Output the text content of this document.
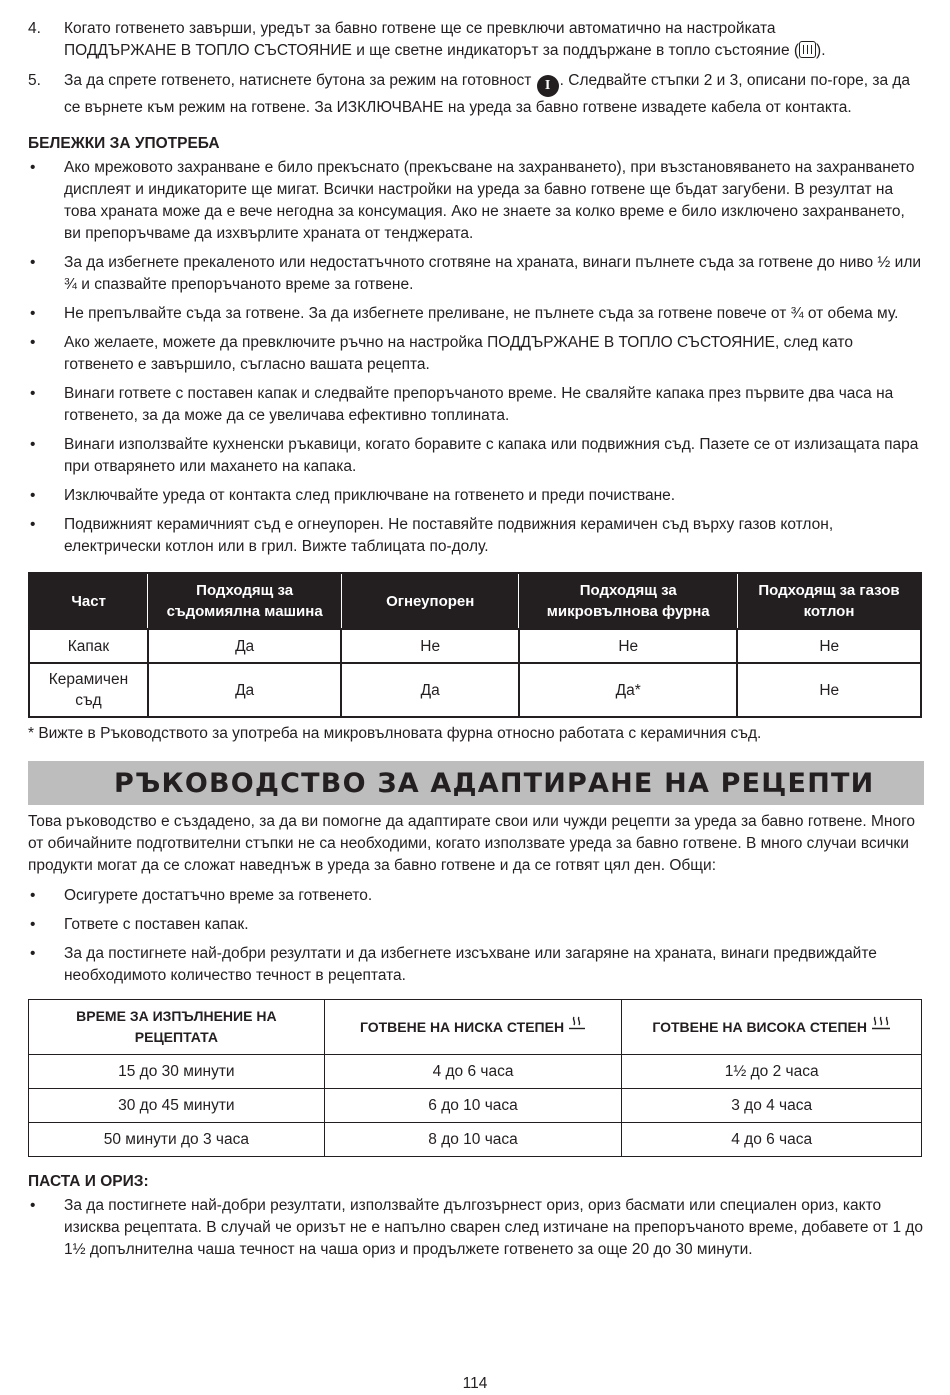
4. Когато готвенето завърши, уредът за бавно готвене ще се превключи автоматично на настройката
ПОДДЪРЖАНЕ В ТОПЛО СЪСТОЯНИЕ и ще светне индикаторът за поддържане в топло състояние ( ).
5. За да спрете готвенето, натиснете бутона за режим на готовност I . Следвайте стъпки 2 и 3, описани по-горе, за да се върнете към режим на готвене. За ИЗКЛЮЧВАНЕ на уреда за бавно готвене извадете кабела от контакта.
БЕЛЕЖКИ ЗА УПОТРЕБА
• Ако мрежовото захранване е било прекъснато (прекъсване на захранването), при възстановяването на захранването дисплеят и индикаторите ще мигат. Всички настройки на уреда за бавно готвене ще бъдат загубени. В резултат на това храната може да е вече негодна за консумация. Ако не знаете за колко време е било изключено захранването, ви препоръчваме да изхвърлите храната от тенджерата.
• За да избегнете прекаленото или недостатъчното сготвяне на храната, винаги пълнете съда за готвене до ниво ½ или ¾ и спазвайте препоръчаното време за готвене.
• Не препълвайте съда за готвене. За да избегнете преливане, не пълнете съда за готвене повече от ¾ от обема му.
• Ако желаете, можете да превключите ръчно на настройка ПОДДЪРЖАНЕ В ТОПЛО СЪСТОЯНИЕ, след като готвенето е завършило, съгласно вашата рецепта.
• Винаги гответе с поставен капак и следвайте препоръчаното време. Не сваляйте капака през първите два часа на готвенето, за да може да се увеличава ефективно топлината.
• Винаги използвайте кухненски ръкавици, когато боравите с капака или подвижния съд. Пазете се от излизащата пара при отварянето или махането на капака.
• Изключвайте уреда от контакта след приключване на готвенето и преди почистване.
• Подвижният керамичният съд е огнеупорен. Не поставяйте подвижния керамичен съд върху газов котлон, електрически котлон или в грил. Вижте таблицата по-долу.
Част	Подходящ за съдомиялна машина	Огнеупорен	Подходящ за микровълнова фурна	Подходящ за газов котлон
Капак	Да	Не	Не	Не
Керамичен съд	Да	Да	Да*	Не
* Вижте в Ръководството за употреба на микровълновата фурна относно работата с керамичния съд.
РЪКОВОДСТВО ЗА АДАПТИРАНЕ НА РЕЦЕПТИ
Това ръководство е създадено, за да ви помогне да адаптирате свои или чужди рецепти за уреда за бавно готвене. Много от обичайните подготвителни стъпки не са необходими, когато използвате уреда за бавно готвене. В много случаи всички продукти могат да се сложат наведнъж в уреда за бавно готвене и да се готвят цял ден. Общи:
• Осигурете достатъчно време за готвенето.
• Гответе с поставен капак.
• За да постигнете най-добри резултати и да избегнете изсъхване или загаряне на храната, винаги предвиждайте необходимото количество течност в рецептата.
ВРЕМЕ ЗА ИЗПЪЛНЕНИЕ НА РЕЦЕПТАТА	ГОТВЕНЕ НА НИСКА СТЕПЕН	ГОТВЕНЕ НА ВИСОКА СТЕПЕН
15 до 30 минути	4 до 6 часа	1½ до 2 часа
30 до 45 минути	6 до 10 часа	3 до 4 часа
50 минути до 3 часа	8 до 10 часа	4 до 6 часа
ПАСТА И ОРИЗ:
• За да постигнете най-добри резултати, използвайте дългозърнест ориз, ориз басмати или специален ориз, както изисква рецептата. В случай че оризът не е напълно сварен след изтичане на препоръчаното време, добавете от 1 до 1½ допълнителна чаша течност на чаша ориз и продължете готвенето за още 20 до 30 минути.
114
